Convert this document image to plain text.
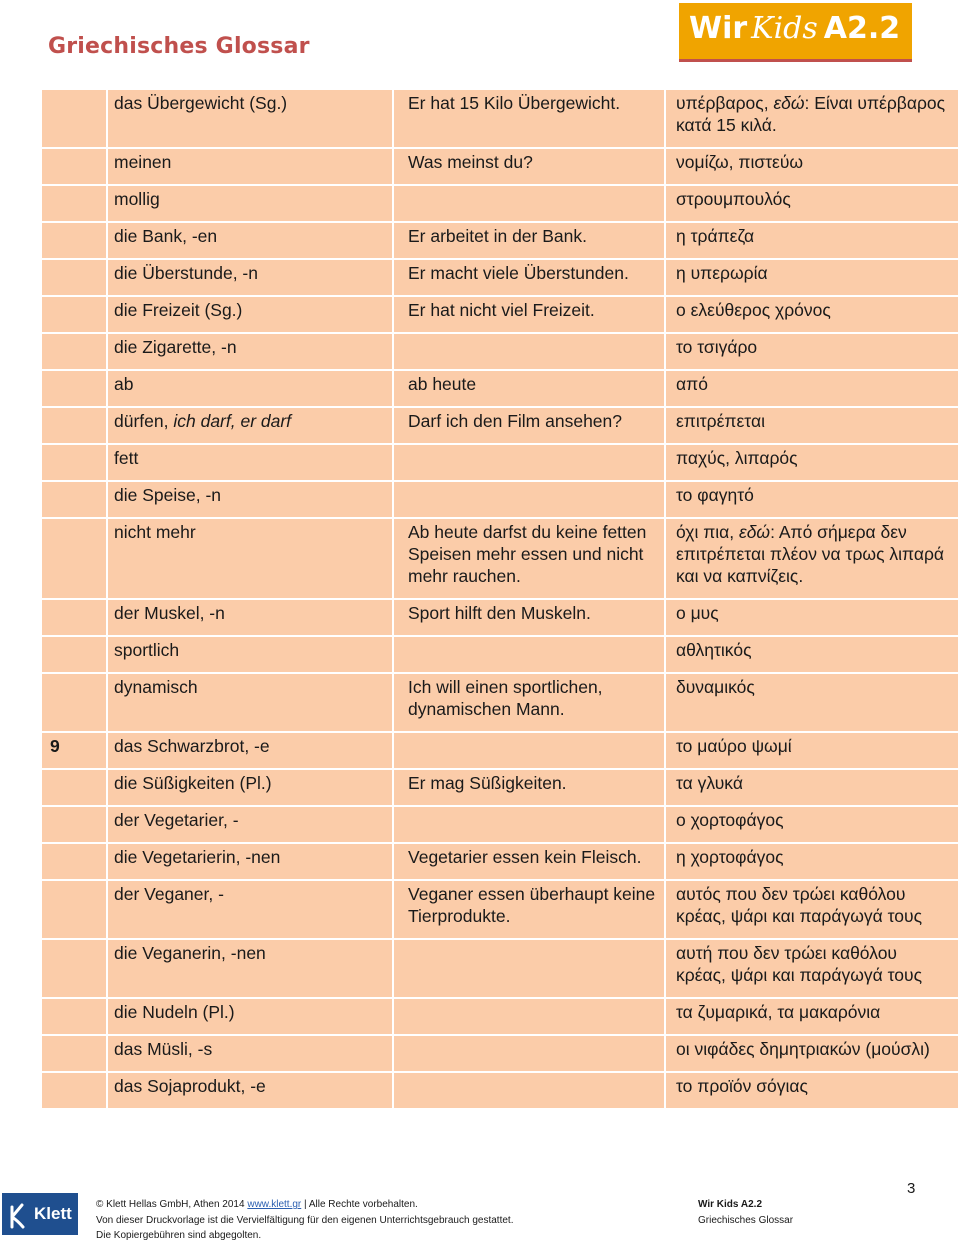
Griechisches Glossar
Wir Kids A2.2
	das Übergewicht (Sg.)	Er hat 15 Kilo Übergewicht.	υπέρβαρος, εδώ: Είναι υπέρβαρος κατά 15 κιλά.
	meinen	Was meinst du?	νομίζω, πιστεύω
	mollig		στρουμπουλός
	die Bank, -en	Er arbeitet in der Bank.	η τράπεζα
	die Überstunde, -n	Er macht viele Überstunden.	η υπερωρία
	die Freizeit (Sg.)	Er hat nicht viel Freizeit.	ο ελεύθερος χρόνος
	die Zigarette, -n		το τσιγάρο
	ab	ab heute	από
	dürfen, ich darf, er darf	Darf ich den Film ansehen?	επιτρέπεται
	fett		παχύς, λιπαρός
	die Speise, -n		το φαγητό
	nicht mehr	Ab heute darfst du keine fetten Speisen mehr essen und nicht mehr rauchen.	όχι πια, εδώ: Από σήμερα δεν επιτρέπεται πλέον να τρως λιπαρά και να καπνίζεις.
	der Muskel, -n	Sport hilft den Muskeln.	ο μυς
	sportlich		αθλητικός
	dynamisch	Ich will einen sportlichen, dynamischen Mann.	δυναμικός
9	das Schwarzbrot, -e		το μαύρο ψωμί
	die Süßigkeiten (Pl.)	Er mag Süßigkeiten.	τα γλυκά
	der Vegetarier, -		ο χορτοφάγος
	die Vegetarierin, -nen	Vegetarier essen kein Fleisch.	η χορτοφάγος
	der Veganer, -	Veganer essen überhaupt keine Tierprodukte.	αυτός που δεν τρώει καθόλου κρέας, ψάρι και παράγωγά τους
	die Veganerin, -nen		αυτή που δεν τρώει καθόλου κρέας, ψάρι και παράγωγά τους
	die Nudeln (Pl.)		τα ζυμαρικά, τα μακαρόνια
	das Müsli, -s		οι νιφάδες δημητριακών (μούσλι)
	das Sojaprodukt, -e		το προϊόν σόγιας
3
Klett © Klett Hellas GmbH, Athen 2014 www.klett.gr | Alle Rechte vorbehalten.
Von dieser Druckvorlage ist die Vervielfältigung für den eigenen Unterrichtsgebrauch gestattet.
Die Kopiergebühren sind abgegolten.
Wir Kids A2.2
Griechisches Glossar
